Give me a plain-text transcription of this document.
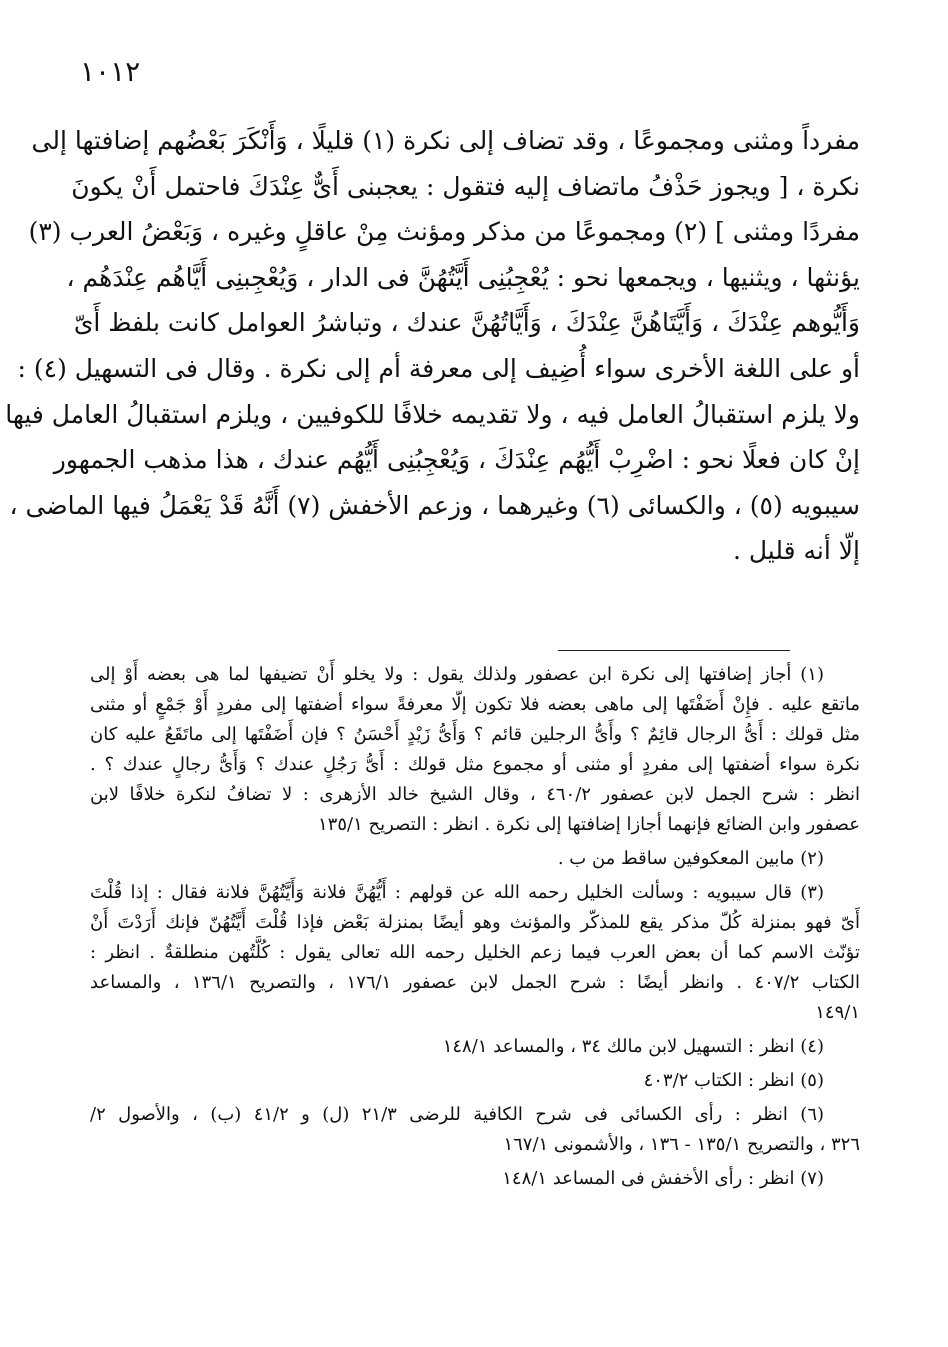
١٠١٢
مفرداً ومثنى ومجموعًا ، وقد تضاف إلى نكرة (١) قليلًا ، وَأَنْكَرَ بَعْضُهم إضافتها إلى
نكرة ، [ ويجوز حَذْفُ ماتضاف إليه فتقول : يعجبنى أَىٌّ عِنْدَكَ فاحتمل أَنْ يكونَ
مفردًا ومثنى ] (٢) ومجموعًا من مذكر ومؤنث مِنْ عاقلٍ وغيره ، وَبَعْضُ العرب (٣)
يؤنثها ، ويثنيها ، ويجمعها نحو : يُعْجِبُنِى أَيَّتُهُنَّ فى الدار ، وَيُعْجِبنِى أَيَّاهُم عِنْدَهُم ،
وَأَيُّوهم عِنْدَكَ ، وَأَيَّتَاهُنَّ عِنْدَكَ ، وَأَيَّاتُهُنَّ عندك ، وتباشرُ العوامل كانت بلفظ أَىّ
أو على اللغة الأخرى سواء أُضِيف إلى معرفة أم إلى نكرة . وقال فى التسهيل (٤) :
ولا يلزم استقبالُ العامل فيه ، ولا تقديمه خلافًا للكوفيين ، ويلزم استقبالُ العامل فيها
إنْ كان فعلًا نحو : اضْرِبْ أَيُّهُم عِنْدَكَ ، وَيُعْجِبُنِى أَيُّهُم عندك ، هذا مذهب الجمهور
سيبويه (٥) ، والكسائى (٦) وغيرهما ، وزعم الأخفش (٧) أَنَّهُ قَدْ يَعْمَلُ فيها الماضى ،
إلّا أنه قليل .
(١) أجاز إضافتها إلى نكرة ابن عصفور ولذلك يقول : ولا يخلو أَنْ تضيفها لما هى بعضه أَوْ إلى
ماتقع عليه . فإِنْ أَضَفْتَها إلى ماهى بعضه فلا تكون إلّا معرفةً سواء أضفتها إلى مفردٍ أَوْ جَمْعٍ أو مثنى
مثل قولك : أَىُّ الرجال قائِمٌ ؟ وأَىُّ الرجلين قائم ؟ وَأَىُّ زَيْدٍ أَحْسَنُ ؟ فإن أَضَفْتَها إلى ماتَقَعُ عليه كان
نكرة سواء أضفتها إلى مفردٍ أو مثنى أو مجموع مثل قولك : أَىُّ رَجُلٍ عندك ؟ وَأَىُّ رجالٍ عندك ؟ .
انظر : شرح الجمل لابن عصفور ٤٦٠/٢ ، وقال الشيخ خالد الأزهرى : لا تضافُ لنكرة خلافًا لابن
عصفور وابن الضائع فإنهما أجازا إضافتها إلى نكرة . انظر : التصريح ١٣٥/١
(٢) مابين المعكوفين ساقط من ب .
(٣) قال سيبويه : وسألت الخليل رحمه الله عن قولهم : أَيُّهُنَّ فلانة وَأَيَّتُهُنَّ فلانة فقال : إذا قُلْتَ
أَىّ فهو بمنزلة كُلّ مذكر يقع للمذكّر والمؤنث وهو أيضًا بمنزلة بَعْض فإذا قُلْتَ أَيَّتُهُنّ فإنك أَرَدْتَ أَنْ
تؤنّث الاسم كما أن بعض العرب فيما زعم الخليل رحمه الله تعالى يقول : كُلَّتُهن منطلقةٌ . انظر :
الكتاب ٤٠٧/٢ . وانظر أيضًا : شرح الجمل لابن عصفور ١٧٦/١ ، والتصريح ١٣٦/١ ، والمساعد
١٤٩/١
(٤) انظر : التسهيل لابن مالك ٣٤ ، والمساعد ١٤٨/١
(٥) انظر : الكتاب ٤٠٣/٢
(٦) انظر : رأى الكسائى فى شرح الكافية للرضى ٢١/٣ (ل) و ٤١/٢ (ب) ، والأصول ٢/
٣٢٦ ، والتصريح ١٣٥/١ - ١٣٦ ، والأشمونى ١٦٧/١
(٧) انظر : رأى الأخفش فى المساعد ١٤٨/١
